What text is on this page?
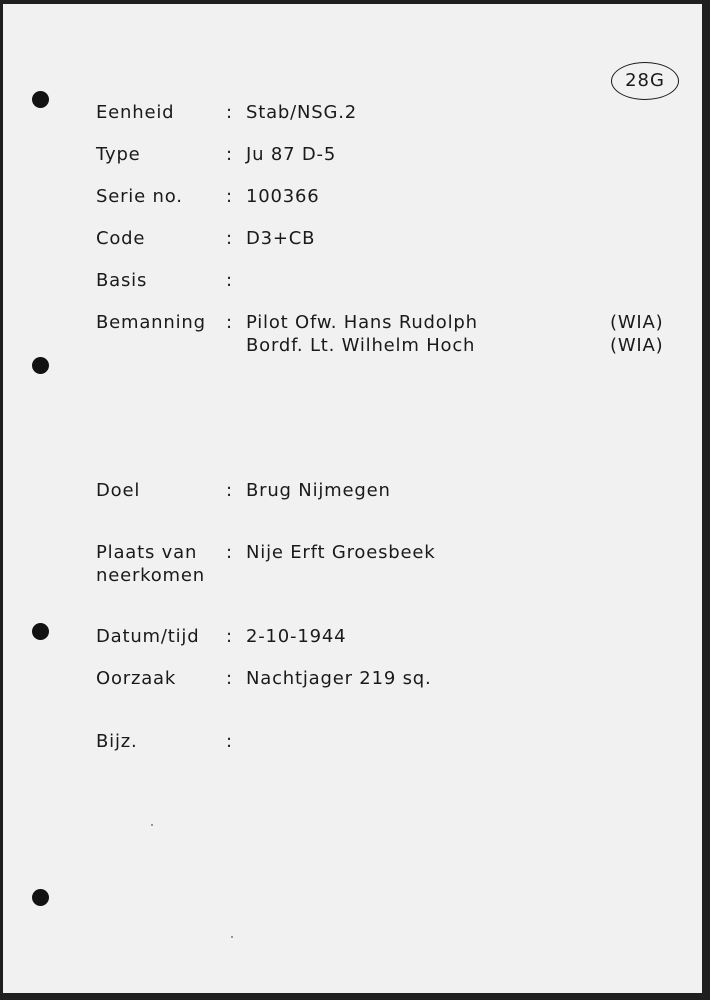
28G
Eenheid	: Stab/NSG.2
Type	: Ju 87 D-5
Serie no. : 100366
Code	: D3+CB
Basis	:
Bemanning : Pilot Ofw. Hans Rudolph	(WIA)
Bordf. Lt. Wilhelm Hoch	(WIA)
Doel	: Brug Nijmegen
Plaats van
neerkomen
: Nije Erft Groesbeek
Datum/tijd : 2-10-1944
Oorzaak	: Nachtjager 219 sq.
Bijz.	:
